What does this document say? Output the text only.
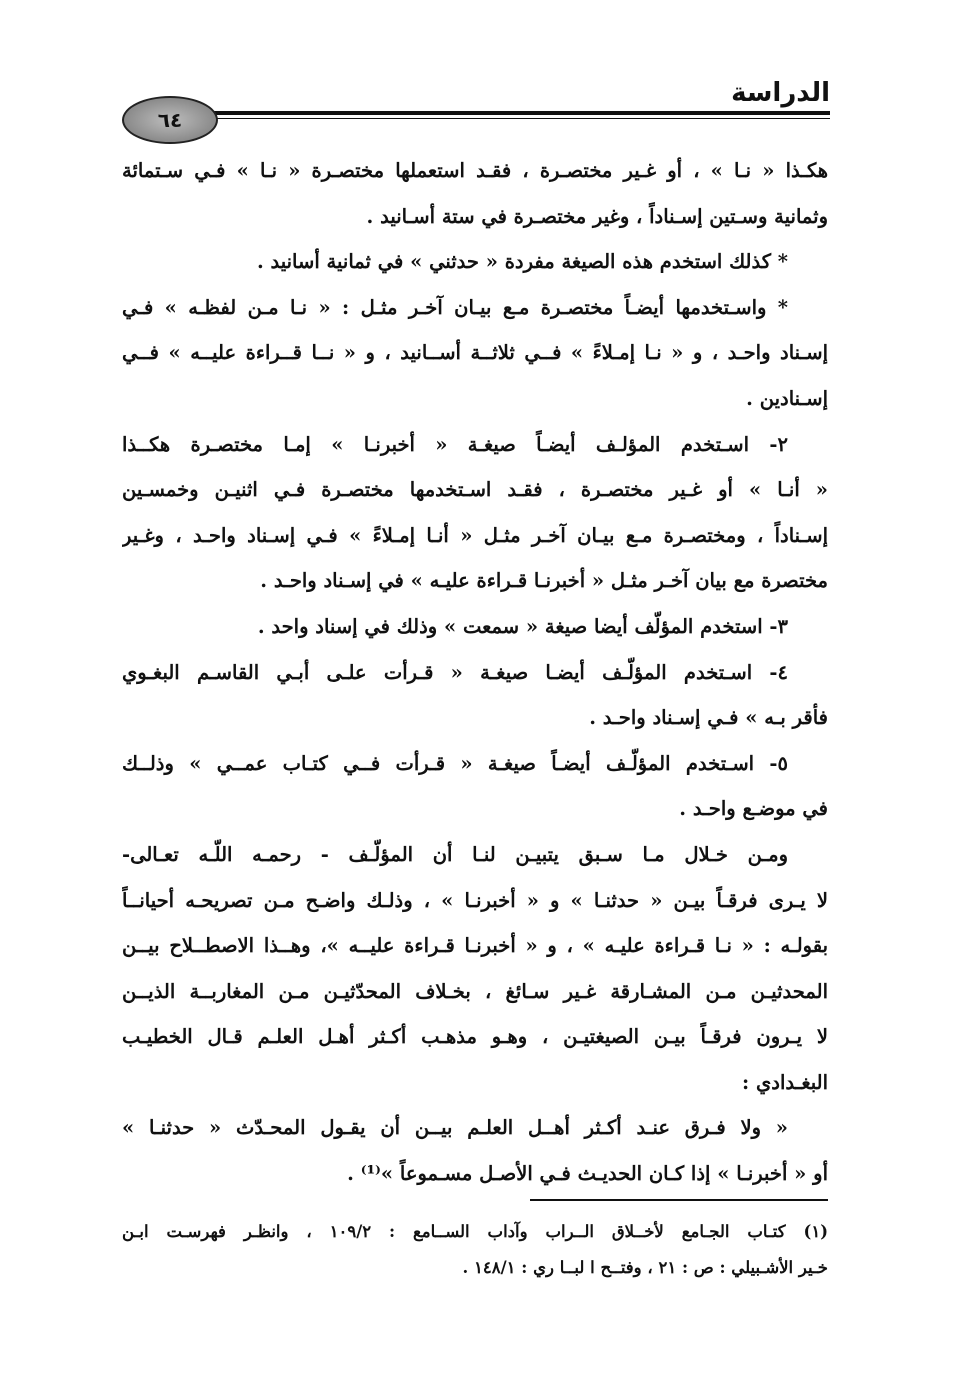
الدراسة
٦٤
هكـذا « نـا » ، أو غـير مختصـرة ، فقـد استعملها مختصـرة « نـا » فـي سـتمائة
وثمانية وسـتين إسـناداً ، وغير مختصـرة في ستة أسـانيد .
* كذلك استخدم هذه الصيغة مفردة « حدثني » في ثمانية أسانيد .
* واسـتخدمها أيضـاً مختصـرة مـع بيـان آخـر مثـل : « نـا مـن لفظـه » فـي
إسـناد واحـد ، و « نـا إمـلاءً » فــي ثلاثــة أســانيد ، و « نــا قــراءة عليــه » فــي
إسـنادين .
٢- اسـتخدم المؤلـف أيضـاً صيغـة « أخبرنـا » إمـا مختصـرة هكــذا
« أنـا » أو غـير مختصـرة ، فقـد اسـتخدمها مختصـرة فـي اثنيـن وخمسـين
إسـناداً ، ومختصـرة مـع بيـان آخـر مثـل « أنـا إمـلاءً » فـي إسـناد واحـد ، وغـير
مختصرة مع بيان آخـر مثـل « أخبرنـا قـراءة عليـه » في إسـناد واحـد .
٣- استخدم المؤلّف أيضا صيغة « سمعت » وذلك في إسناد واحد .
٤- اسـتخدم المؤلّـف أيضـا صيغـة « قـرأت علـى أبـي القاسـم البغـوي
فأقر بـه » فـي إسـناد واحـد .
٥- اسـتخدم المؤلّـف أيضـاً صيغـة « قـرأت فــي كتـاب عمــي » وذلــك
في موضـع واحـد .
ومـن خـلال مـا سـبق يتبيـن لنـا أن المؤلّـف - رحمـه اللّـه تعـالى-
لا يـرى فرقـاً بيـن « حدثنـا » و « أخبرنـا » ، وذلـك واضـح مـن تصريحـه أحيانــاً
بقولـه : « نـا قـراءة عليـه » ، و « أخبرنـا قـراءة عليــه »، وهــذا الاصطــلاح بيــن
المحدثيـن مـن المشـارقة غـير سـائغ ، بخـلاف المحدّثيـن مـن المغاربــة الذيــن
لا يـرون فرقـاً بيـن الصيغتيـن ، وهـو مذهـب أكـثر أهـل العلـم قـال الخطيـب
البغـدادي :
« ولا فـرق عنـد أكـثر أهــل العلـم بيــن أن يقـول المحـدّث « حدثنـا »
أو « أخبرنـا » إذا كـان الحديـث فـي الأصـل مسـموعاً »⁽¹⁾ .
(١) كتـاب الجـامع لأخــلاق الــراب وآداب الســامع : ١٠٩/٢ ، وانظـر فهرسـت ابـن
خـير الأشـبيلي : ص : ٢١ ، وفتــح ا لبــا ري : ١٤٨/١ .
